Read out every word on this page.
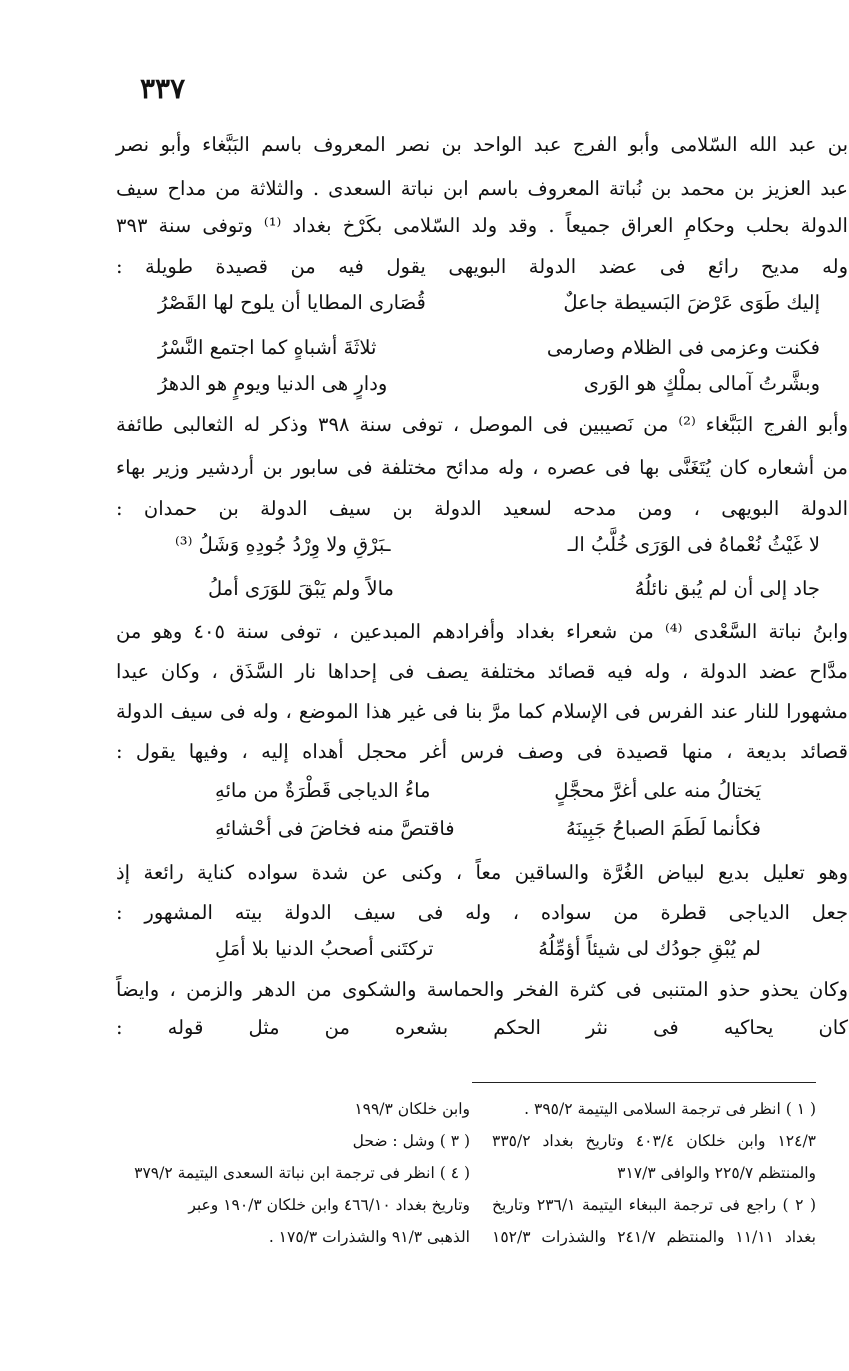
٣٣٧
بن عبد الله السّلامى وأبو الفرج عبد الواحد بن نصر المعروف باسم البَبَّغاء وأبو نصر
عبد العزيز بن محمد بن نُباتة المعروف باسم ابن نباتة السعدى . والثلاثة من مداح سيف
الدولة بحلب وحكامِ العراق جميعاً . وقد ولد السّلامى بكَرْخ بغداد ⁽¹⁾ وتوفى سنة ٣٩٣
وله مديح رائع فى عضد الدولة البويهى يقول فيه من قصيدة طويلة :
إليك طَوَى عَرْضَ البَسيطة جاعلٌ
قُصَارى المطايا أن يلوح لها القَصْرُ
فكنت وعزمى فى الظلام وصارمى
ثلاثَةَ أشباهٍ كما اجتمع النَّسْرُ
وبشَّرتُ آمالى بملْكٍ هو الوَرى
ودارٍ هى الدنيا ويومٍ هو الدهرُ
وأبو الفرج البَبَّغاء ⁽²⁾ من نَصيبين فى الموصل ، توفى سنة ٣٩٨ وذكر له الثعالبى طائفة
من أشعاره كان يُتَغَنَّى بها فى عصره ، وله مدائح مختلفة فى سابور بن أردشير وزير بهاء
الدولة البويهى ، ومن مدحه لسعيد الدولة بن سيف الدولة بن حمدان :
لا غَيْثُ نُعْماهُ فى الوَرَى خُلَّبُ الـ
ـبَرْقِ ولا وِرْدُ جُودِهِ وَشَلُ ⁽³⁾
جاد إلى أن لم يُبق نائلُهُ
مالاً ولم يَبْقَ للوَرَى أملُ
وابنُ نباتة السَّعْدى ⁽⁴⁾ من شعراء بغداد وأفرادهم المبدعين ، توفى سنة ٤٠٥ وهو من
مدَّاح عضد الدولة ، وله فيه قصائد مختلفة يصف فى إحداها نار السَّذَق ، وكان عيدا
مشهورا للنار عند الفرس فى الإسلام كما مرَّ بنا فى غير هذا الموضع ، وله فى سيف الدولة
قصائد بديعة ، منها قصيدة فى وصف فرس أغر محجل أهداه إليه ، وفيها يقول :
يَختالُ منه على أغرَّ محجَّلٍ
ماءُ الدياجى قَطْرَةٌ من مائهِ
فكأنما لَطَمَ الصباحُ جَبِينَهُ
فاقتصَّ منه فخاضَ فى أحْشائهِ
وهو تعليل بديع لبياض الغُرَّة والساقين معاً ، وكنى عن شدة سواده كناية رائعة إذ
جعل الدياجى قطرة من سواده ، وله فى سيف الدولة بيته المشهور :
لم يُبْقِ جودُك لى شيئاً أؤمِّلُهُ
تركتَنى أصحبُ الدنيا بلا أمَلِ
وكان يحذو حذو المتنبى فى كثرة الفخر والحماسة والشكوى من الدهر والزمن ، وايضاً
كان يحاكيه فى نثر الحكم بشعره من مثل قوله :
( ١ ) انظر فى ترجمة السلامى اليتيمة ٣٩٥/٢ .
١٢٤/٣ وابن خلكان ٤٠٣/٤ وتاريخ بغداد ٣٣٥/٢
والمنتظم ٢٢٥/٧ والوافى ٣١٧/٣
( ٢ ) راجع فى ترجمة الببغاء اليتيمة ٢٣٦/١ وتاريخ
بغداد ١١/١١ والمنتظم ٢٤١/٧ والشذرات ١٥٢/٣
وابن خلكان ١٩٩/٣
( ٣ ) وشل : ضحل
( ٤ ) انظر فى ترجمة ابن نباتة السعدى اليتيمة ٣٧٩/٢
وتاريخ بغداد ٤٦٦/١٠ وابن خلكان ١٩٠/٣ وعبر
الذهبى ٩١/٣ والشذرات ١٧٥/٣ .
